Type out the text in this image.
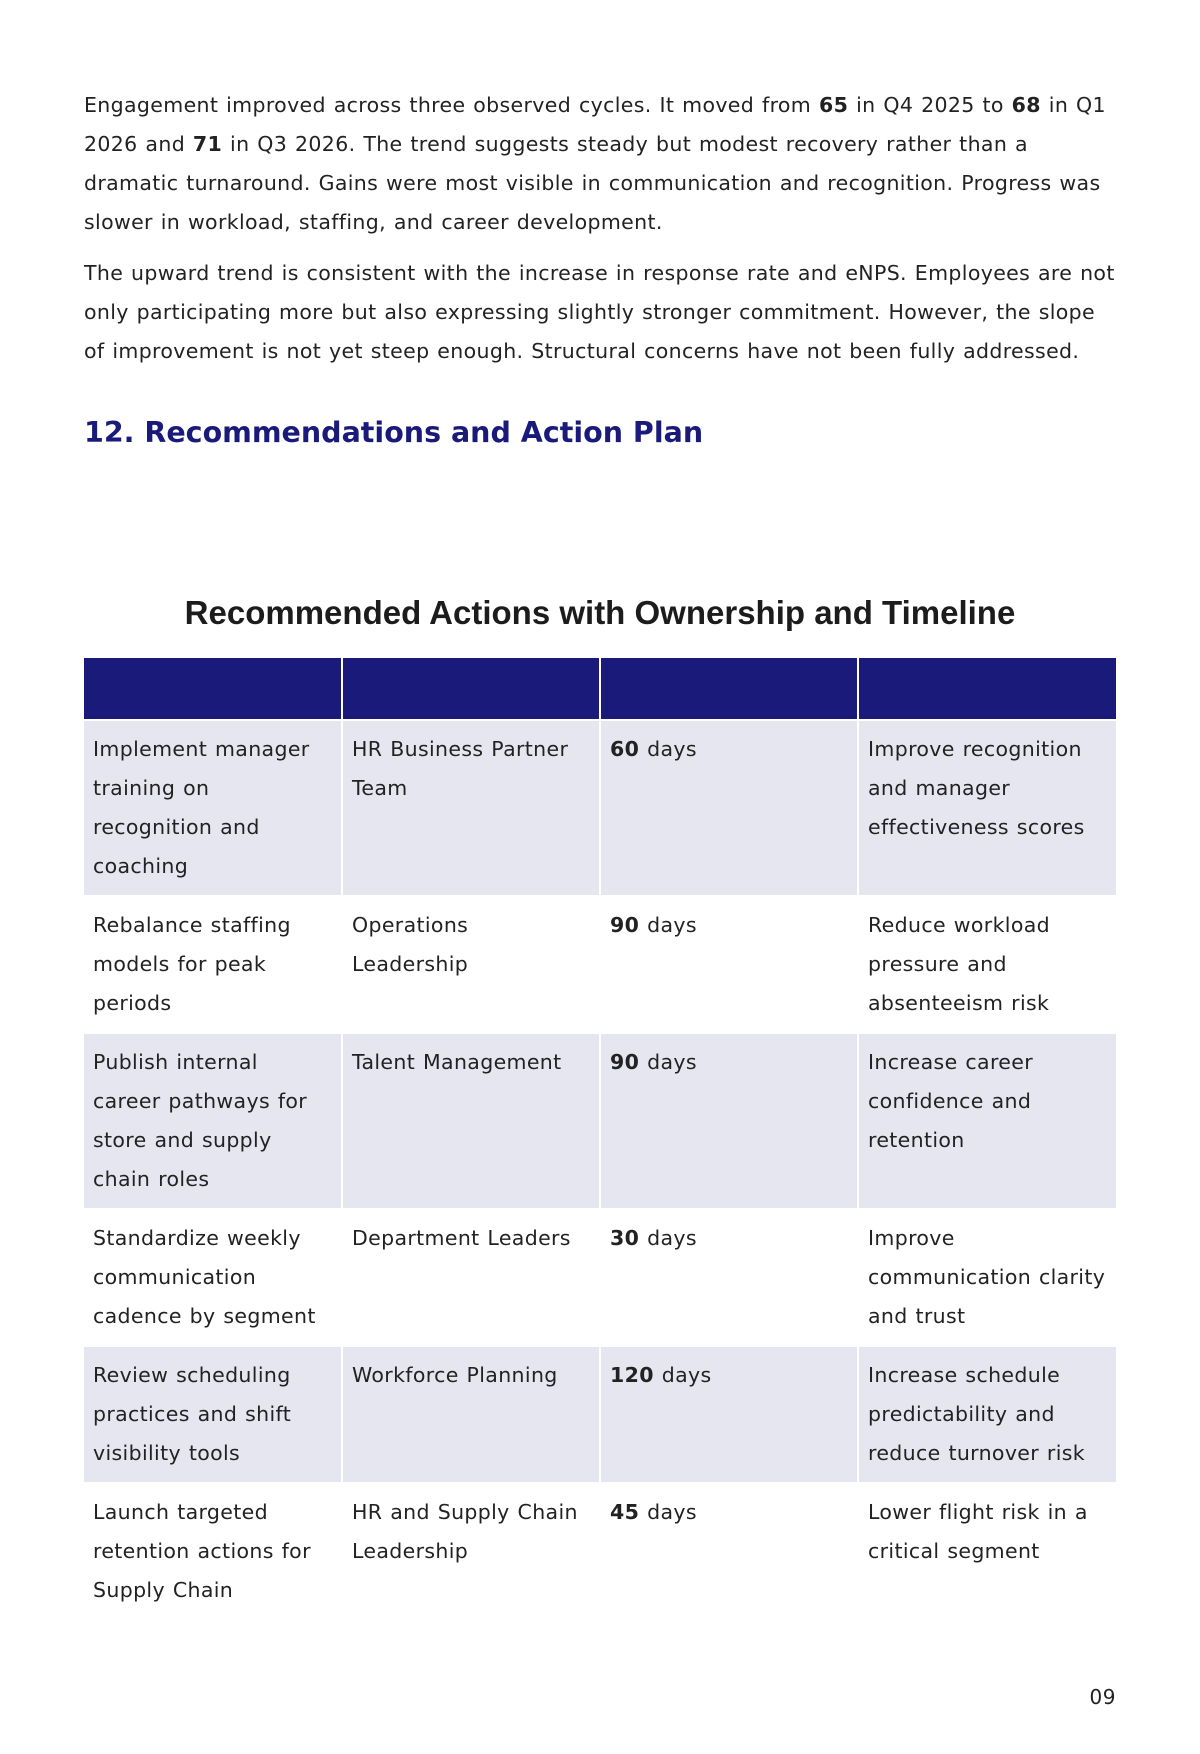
Engagement improved across three observed cycles. It moved from 65 in Q4 2025 to 68 in Q1 2026 and 71 in Q3 2026. The trend suggests steady but modest recovery rather than a dramatic turnaround. Gains were most visible in communication and recognition. Progress was slower in workload, staffing, and career development.

The upward trend is consistent with the increase in response rate and eNPS. Employees are not only participating more but also expressing slightly stronger commitment. However, the slope of improvement is not yet steep enough. Structural concerns have not been fully addressed.

12. Recommendations and Action Plan
Recommended Actions with Ownership and Timeline

Implement manager training on recognition and coaching	HR Business Partner Team	60 days	Improve recognition and manager effectiveness scores
Rebalance staffing models for peak periods	Operations Leadership	90 days	Reduce workload pressure and absenteeism risk
Publish internal career pathways for store and supply chain roles	Talent Management	90 days	Increase career confidence and retention
Standardize weekly communication cadence by segment	Department Leaders	30 days	Improve communication clarity and trust
Review scheduling practices and shift visibility tools	Workforce Planning	120 days	Increase schedule predictability and reduce turnover risk
Launch targeted retention actions for Supply Chain	HR and Supply Chain Leadership	45 days	Lower flight risk in a critical segment
09
